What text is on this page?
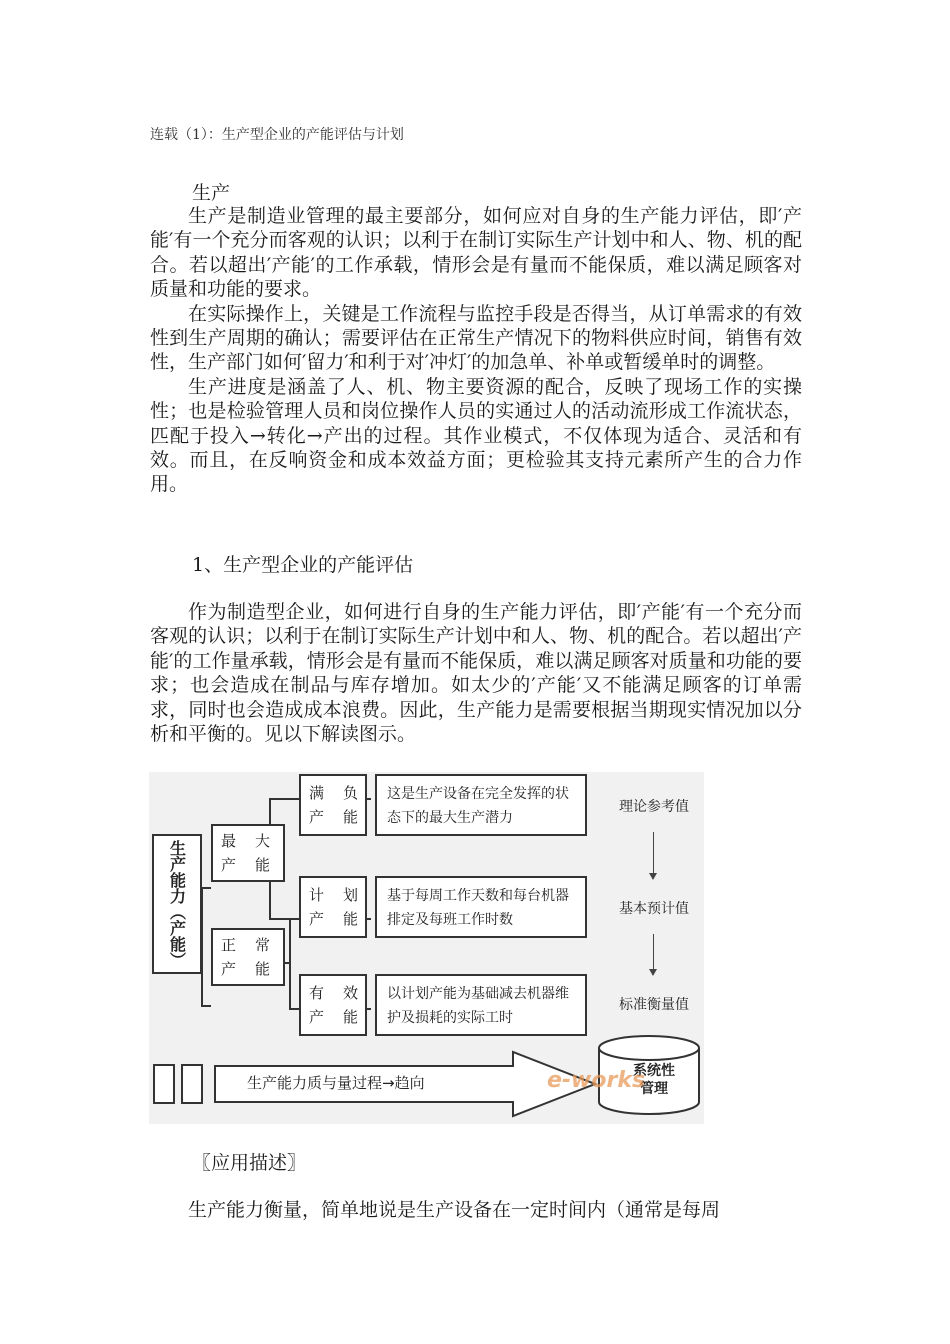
连载（1）：生产型企业的产能评估与计划
生产

生产是制造业管理的最主要部分，如何应对自身的生产能力评估，即′产能′有一个充分而客观的认识；以利于在制订实际生产计划中和人、物、机的配合。若以超出′产能′的工作承载，情形会是有量而不能保质，难以满足顾客对质量和功能的要求。

在实际操作上，关键是工作流程与监控手段是否得当，从订单需求的有效性到生产周期的确认；需要评估在正常生产情况下的物料供应时间，销售有效性，生产部门如何′留力′和利于对′冲灯′的加急单、补单或暂缓单时的调整。

生产进度是涵盖了人、机、物主要资源的配合，反映了现场工作的实操性；也是检验管理人员和岗位操作人员的实通过人的活动流形成工作流状态，匹配于投入→转化→产出的过程。其作业模式，不仅体现为适合、灵活和有效。而且，在反响资金和成本效益方面；更检验其支持元素所产生的合力作用。

1、生产型企业的产能评估

作为制造型企业，如何进行自身的生产能力评估，即′产能′有一个充分而客观的认识；以利于在制订实际生产计划中和人、物、机的配合。若以超出′产能′的工作量承载，情形会是有量而不能保质，难以满足顾客对质量和功能的要求；也会造成在制品与库存增加。如太少的′产能′又不能满足顾客的订单需求，同时也会造成成本浪费。因此，生产能力是需要根据当期现实情况加以分析和平衡的。见以下解读图示。

生产能力（产能）	最　 大
产　 能
正　 常
产　 能
满　 负
产　 能
计　 划
产　 能
有　 效
产　 能
这是生产设备在完全发挥的状态下的最大生产潜力
基于每周工作天数和每台机器排定及每班工作时数
以计划产能为基础减去机器维护及损耗的实际工时
理论参考值
基本预计值
标准衡量值
生产能力质与量过程→趋向
系统性管理
e-works
〖应用描述〗

生产能力衡量，简单地说是生产设备在一定时间内（通常是每周
